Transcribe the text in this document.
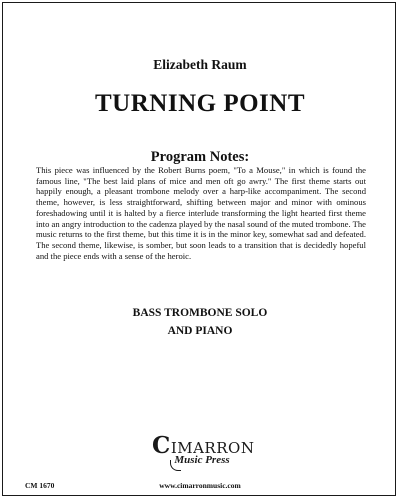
Elizabeth Raum
TURNING POINT
Program Notes:

This piece was influenced by the Robert Burns poem, "To a Mouse," in which is found the famous line, "The best laid plans of mice and men oft go awry." The first theme starts out happily enough, a pleasant trombone melody over a harp-like accompaniment. The second theme, however, is less straightforward, shifting between major and minor with ominous foreshadowing until it is halted by a fierce interlude transforming the light hearted first theme into an angry introduction to the cadenza played by the nasal sound of the muted trombone. The music returns to the first theme, but this time it is in the minor key, somewhat sad and defeated. The second theme, likewise, is somber, but soon leads to a transition that is decidedly hopeful and the piece ends with a sense of the heroic.

BASS TROMBONE SOLO
AND PIANO
CIMARRON
Music Press
www.cimarronmusic.com
CM 1670
